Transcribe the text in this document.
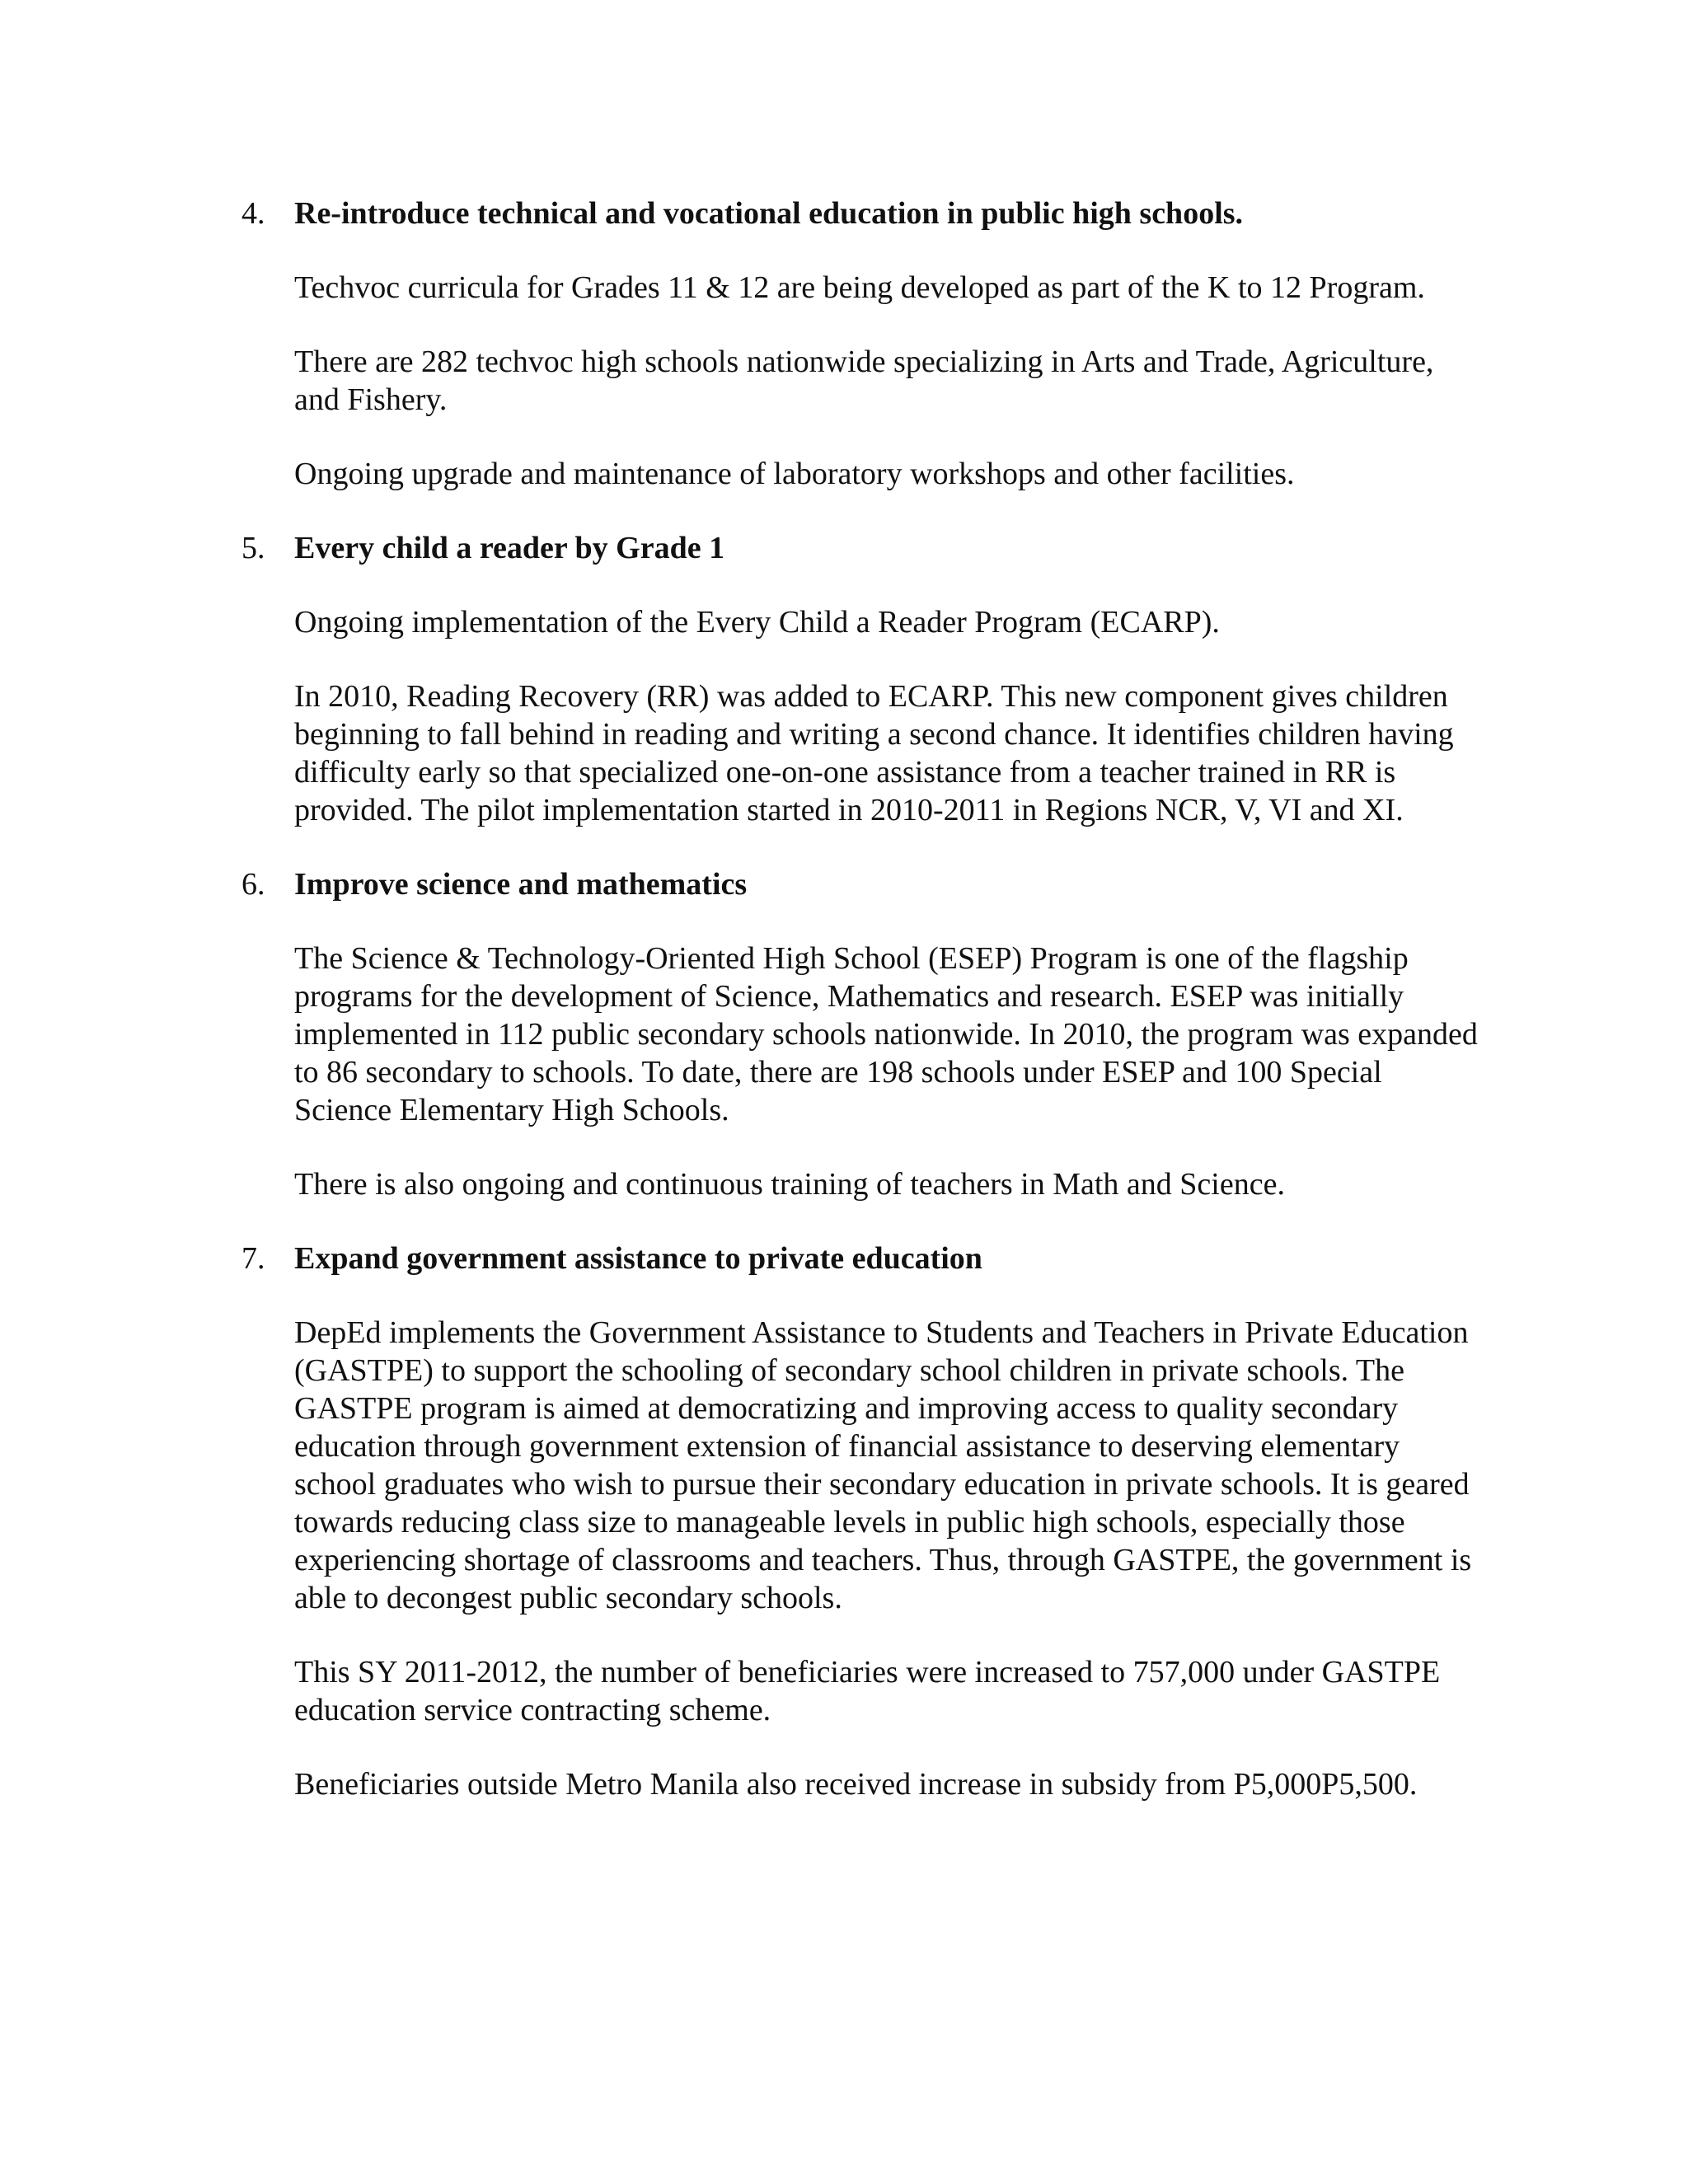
4. Re-introduce technical and vocational education in public high schools.

Techvoc curricula for Grades 11 & 12 are being developed as part of the K to 12 Program.

There are 282 techvoc high schools nationwide specializing in Arts and Trade, Agriculture, and Fishery.

Ongoing upgrade and maintenance of laboratory workshops and other facilities.

5. Every child a reader by Grade 1

Ongoing implementation of the Every Child a Reader Program (ECARP).

In 2010, Reading Recovery (RR) was added to ECARP. This new component gives children beginning to fall behind in reading and writing a second chance. It identifies children having difficulty early so that specialized one-on-one assistance from a teacher trained in RR is provided. The pilot implementation started in 2010-2011 in Regions NCR, V, VI and XI.

6. Improve science and mathematics

The Science & Technology-Oriented High School (ESEP) Program is one of the flagship programs for the development of Science, Mathematics and research. ESEP was initially implemented in 112 public secondary schools nationwide. In 2010, the program was expanded to 86 secondary to schools. To date, there are 198 schools under ESEP and 100 Special Science Elementary High Schools.

There is also ongoing and continuous training of teachers in Math and Science.

7. Expand government assistance to private education

DepEd implements the Government Assistance to Students and Teachers in Private Education (GASTPE) to support the schooling of secondary school children in private schools. The GASTPE program is aimed at democratizing and improving access to quality secondary education through government extension of financial assistance to deserving elementary school graduates who wish to pursue their secondary education in private schools. It is geared towards reducing class size to manageable levels in public high schools, especially those experiencing shortage of classrooms and teachers. Thus, through GASTPE, the government is able to decongest public secondary schools.

This SY 2011-2012, the number of beneficiaries were increased to 757,000 under GASTPE education service contracting scheme.

Beneficiaries outside Metro Manila also received increase in subsidy from P5,000P5,500.
